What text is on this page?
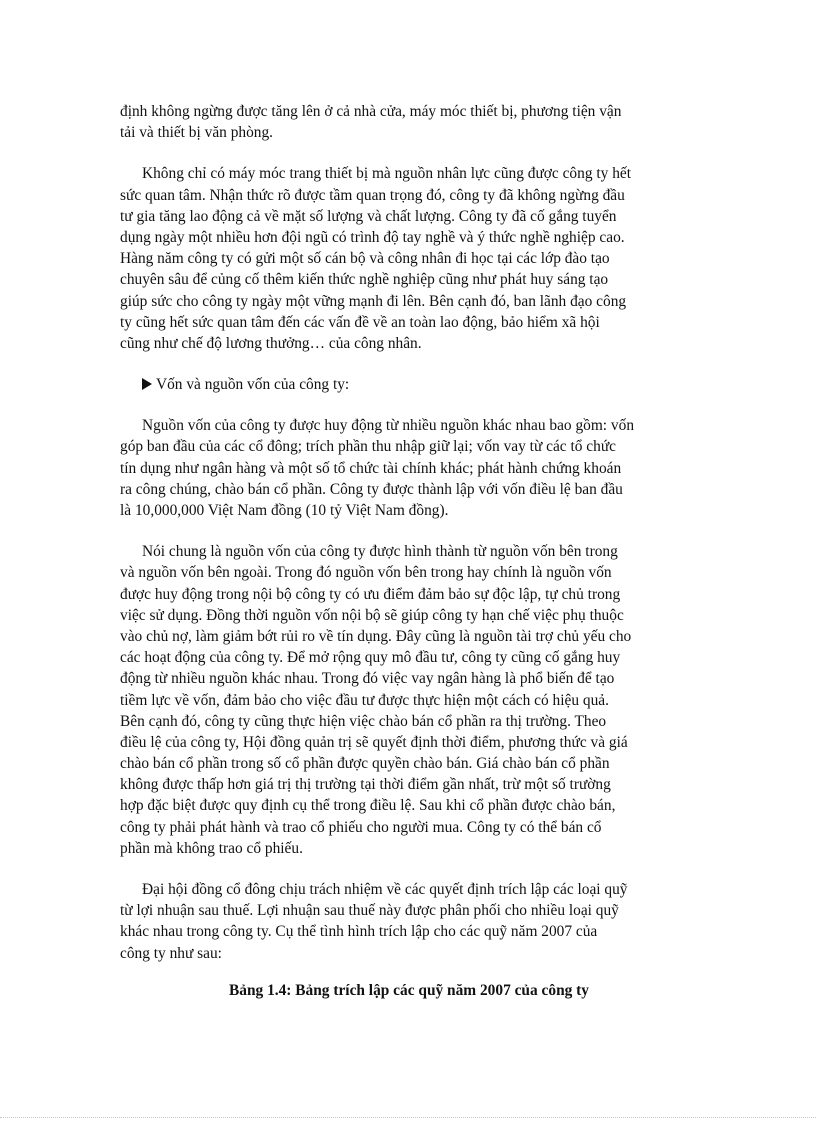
định không ngừng được tăng lên ở cả nhà cửa, máy móc thiết bị, phương tiện vận
tải và thiết bị văn phòng.
Không chỉ có máy móc trang thiết bị mà nguồn nhân lực cũng được công ty hết
sức quan tâm. Nhận thức rõ được tầm quan trọng đó, công ty đã không ngừng đầu
tư gia tăng lao động cả về mặt số lượng và chất lượng. Công ty đã cố gắng tuyển
dụng ngày một nhiều hơn đội ngũ có trình độ tay nghề và ý thức nghề nghiệp cao.
Hàng năm công ty có gửi một số cán bộ và công nhân đi học tại các lớp đào tạo
chuyên sâu để củng cố thêm kiến thức nghề nghiệp cũng như phát huy sáng tạo
giúp sức cho công ty ngày một vững mạnh đi lên. Bên cạnh đó, ban lãnh đạo công
ty cũng hết sức quan tâm đến các vấn đề về an toàn lao động, bảo hiểm xã hội
cũng như chế độ lương thưởng… của công nhân.
Vốn và nguồn vốn của công ty:
Nguồn vốn của công ty được huy động từ nhiều nguồn khác nhau bao gồm: vốn
góp ban đầu của các cổ đông; trích phần thu nhập giữ lại; vốn vay từ các tổ chức
tín dụng như ngân hàng và một số tổ chức tài chính khác; phát hành chứng khoán
ra công chúng, chào bán cổ phần. Công ty được thành lập với vốn điều lệ ban đầu
là 10,000,000 Việt Nam đồng (10 tỷ Việt Nam đồng).
Nói chung là nguồn vốn của công ty được hình thành từ nguồn vốn bên trong
và nguồn vốn bên ngoài. Trong đó nguồn vốn bên trong hay chính là nguồn vốn
được huy động trong nội bộ công ty có ưu điểm đảm bảo sự độc lập, tự chủ trong
việc sử dụng. Đồng thời nguồn vốn nội bộ sẽ giúp công ty hạn chế việc phụ thuộc
vào chủ nợ, làm giảm bớt rủi ro về tín dụng. Đây cũng là nguồn tài trợ chủ yếu cho
các hoạt động của công ty. Để mở rộng quy mô đầu tư, công ty cũng cố gắng huy
động từ nhiều nguồn khác nhau. Trong đó việc vay ngân hàng là phổ biến để tạo
tiềm lực về vốn, đảm bảo cho việc đầu tư được thực hiện một cách có hiệu quả.
Bên cạnh đó, công ty cũng thực hiện việc chào bán cổ phần ra thị trường. Theo
điều lệ của công ty, Hội đồng quản trị sẽ quyết định thời điểm, phương thức và giá
chào bán cổ phần trong số cổ phần được quyền chào bán. Giá chào bán cổ phần
không được thấp hơn giá trị thị trường tại thời điểm gần nhất, trừ một số trường
hợp đặc biệt được quy định cụ thể trong điều lệ. Sau khi cổ phần được chào bán,
công ty phải phát hành và trao cổ phiếu cho người mua. Công ty có thể bán cổ
phần mà không trao cổ phiếu.
Đại hội đồng cổ đông chịu trách nhiệm về các quyết định trích lập các loại quỹ
từ lợi nhuận sau thuế. Lợi nhuận sau thuế này được phân phối cho nhiều loại quỹ
khác nhau trong công ty. Cụ thể tình hình trích lập cho các quỹ năm 2007 của
công ty như sau:
Bảng 1.4: Bảng trích lập các quỹ năm 2007 của công ty
